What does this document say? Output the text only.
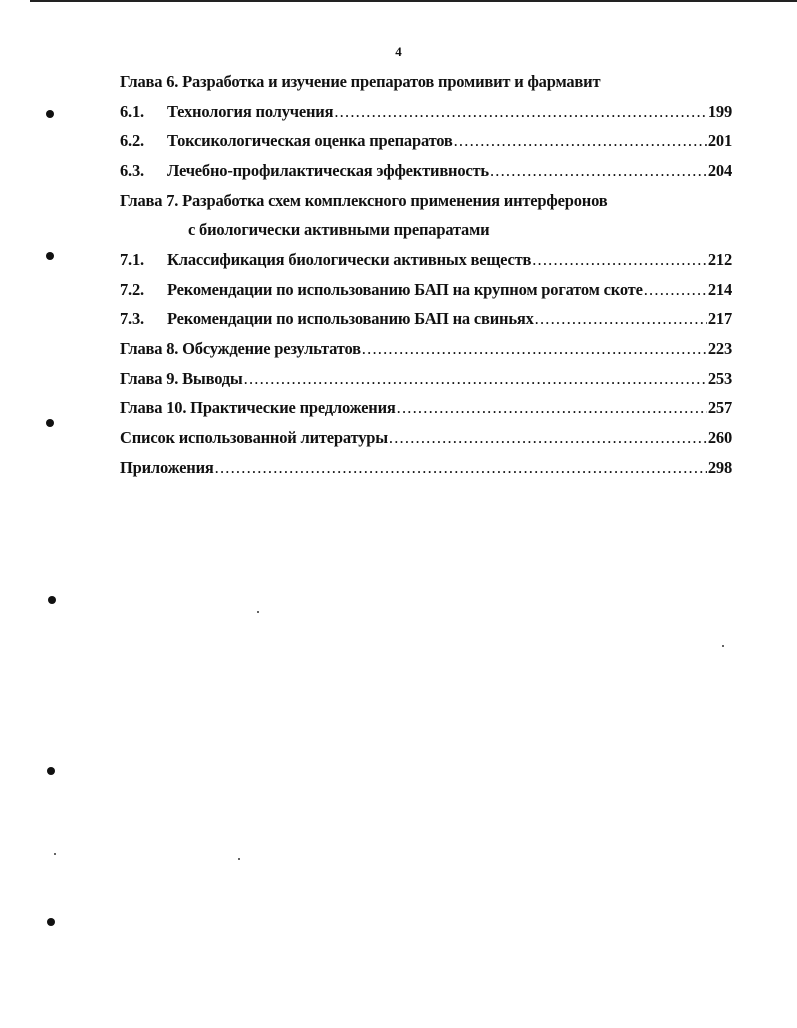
4
Глава 6. Разработка и изучение препаратов промивит и фармавит
6.1.	Технология получения .....	199
6.2.	Токсикологическая оценка препаратов .....	201
6.3.	Лечебно-профилактическая эффективность .....	204
Глава 7. Разработка схем комплексного применения интерферонов
с биологически активными препаратами
7.1.	Классификация биологически активных веществ .....	212
7.2.	Рекомендации по использованию БАП на крупном рогатом скоте .....	214
7.3.	Рекомендации по использованию БАП на свиньях .....	217
Глава 8. Обсуждение результатов .....	223
Глава 9. Выводы .....	253
Глава 10. Практические предложения .....	257
Список использованной литературы .....	260
Приложения .....	298
